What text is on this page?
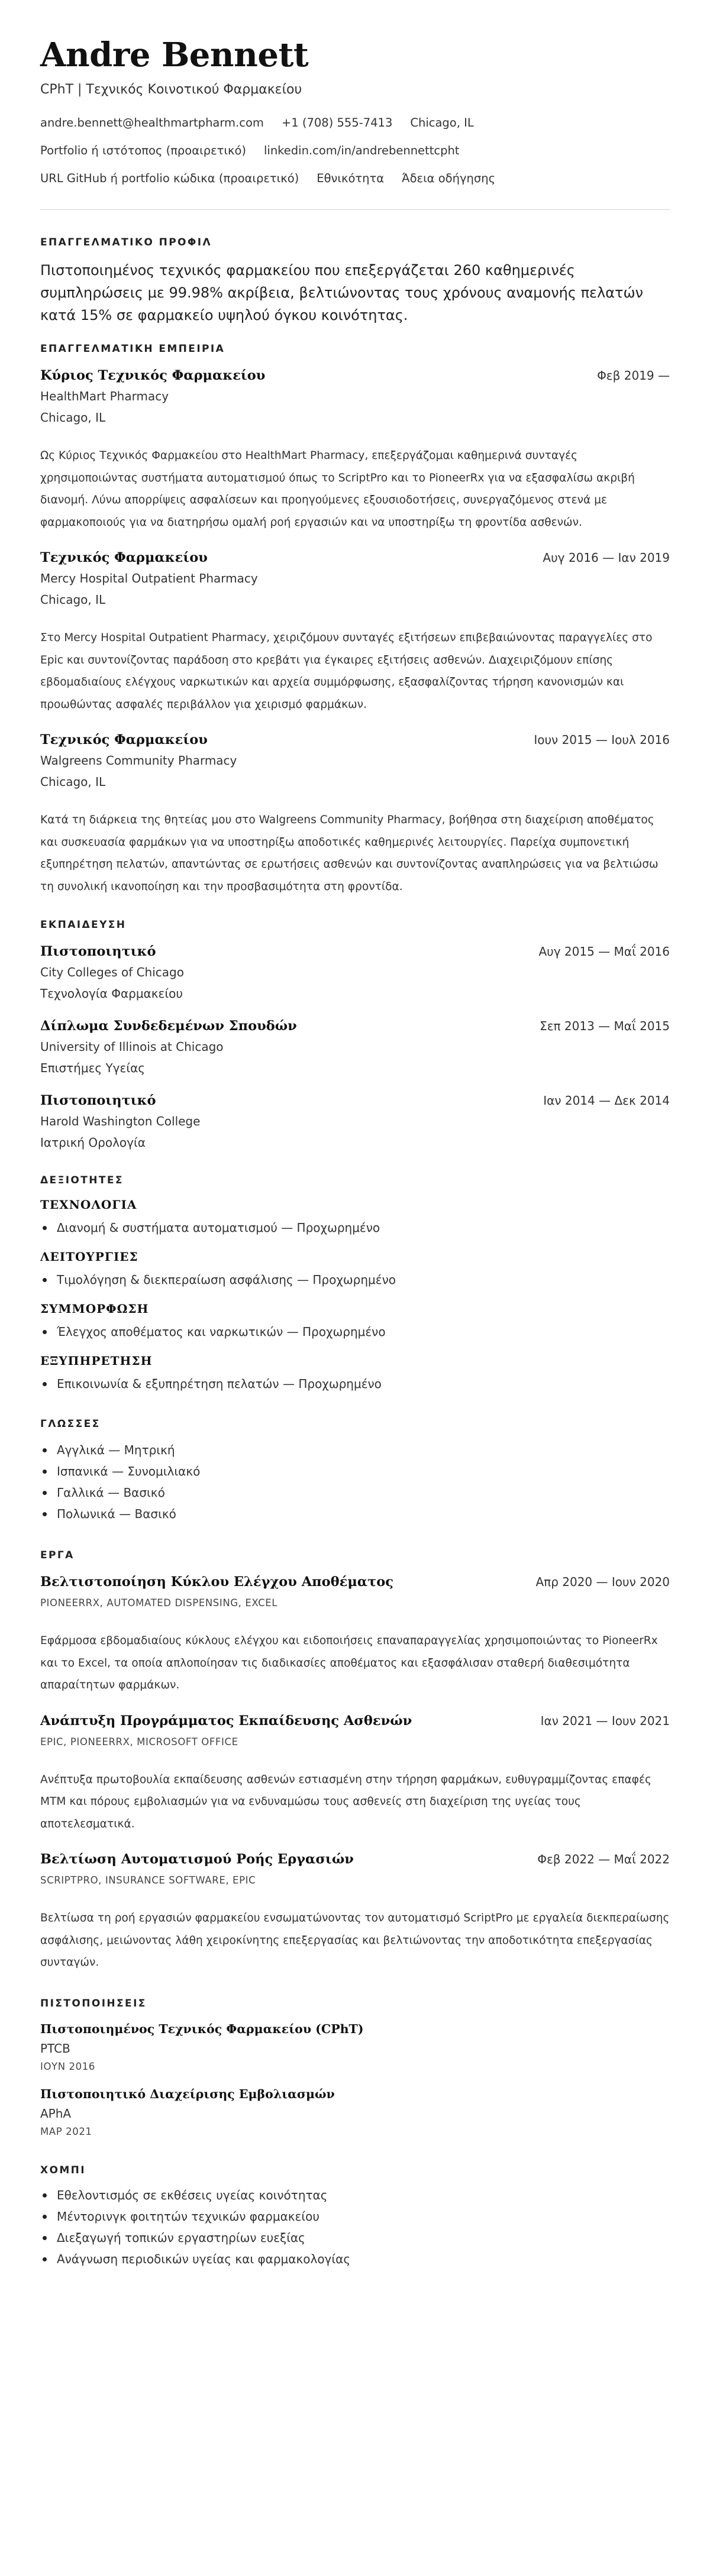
Andre Bennett
CPhT | Τεχνικός Κοινοτικού Φαρμακείου
andre.bennett@healthmartpharm.com +1 (708) 555-7413 Chicago, IL
Portfolio ή ιστότοπος (προαιρετικό) linkedin.com/in/andrebennettcpht
URL GitHub ή portfolio κώδικα (προαιρετικό) Εθνικότητα Άδεια οδήγησης
ΕΠΑΓΓΕΛΜΑΤΙΚΟ ΠΡΟΦΙΛ

Πιστοποιημένος τεχνικός φαρμακείου που επεξεργάζεται 260 καθημερινές συμπληρώσεις με 99.98% ακρίβεια, βελτιώνοντας τους χρόνους αναμονής πελατών κατά 15% σε φαρμακείο υψηλού όγκου κοινότητας.

ΕΠΑΓΓΕΛΜΑΤΙΚΗ ΕΜΠΕΙΡΙΑ
Κύριος Τεχνικός Φαρμακείου	Φεβ 2019 —
HealthMart Pharmacy
Chicago, IL

Ως Κύριος Τεχνικός Φαρμακείου στο HealthMart Pharmacy, επεξεργάζομαι καθημερινά συνταγές χρησιμοποιώντας συστήματα αυτοματισμού όπως το ScriptPro και το PioneerRx για να εξασφαλίσω ακριβή διανομή. Λύνω απορρίψεις ασφαλίσεων και προηγούμενες εξουσιοδοτήσεις, συνεργαζόμενος στενά με φαρμακοποιούς για να διατηρήσω ομαλή ροή εργασιών και να υποστηρίξω τη φροντίδα ασθενών.

Τεχνικός Φαρμακείου	Αυγ 2016 — Ιαν 2019
Mercy Hospital Outpatient Pharmacy
Chicago, IL

Στο Mercy Hospital Outpatient Pharmacy, χειριζόμουν συνταγές εξιτήσεων επιβεβαιώνοντας παραγγελίες στο Epic και συντονίζοντας παράδοση στο κρεβάτι για έγκαιρες εξιτήσεις ασθενών. Διαχειριζόμουν επίσης εβδομαδιαίους ελέγχους ναρκωτικών και αρχεία συμμόρφωσης, εξασφαλίζοντας τήρηση κανονισμών και προωθώντας ασφαλές περιβάλλον για χειρισμό φαρμάκων.

Τεχνικός Φαρμακείου	Ιουν 2015 — Ιουλ 2016
Walgreens Community Pharmacy
Chicago, IL

Κατά τη διάρκεια της θητείας μου στο Walgreens Community Pharmacy, βοήθησα στη διαχείριση αποθέματος και συσκευασία φαρμάκων για να υποστηρίξω αποδοτικές καθημερινές λειτουργίες. Παρείχα συμπονετική εξυπηρέτηση πελατών, απαντώντας σε ερωτήσεις ασθενών και συντονίζοντας αναπληρώσεις για να βελτιώσω τη συνολική ικανοποίηση και την προσβασιμότητα στη φροντίδα.

ΕΚΠΑΙΔΕΥΣΗ
Πιστοποιητικό	Αυγ 2015 — Μαΐ 2016
City Colleges of Chicago
Τεχνολογία Φαρμακείου
Δίπλωμα Συνδεδεμένων Σπουδών	Σεπ 2013 — Μαΐ 2015
University of Illinois at Chicago
Επιστήμες Υγείας
Πιστοποιητικό	Ιαν 2014 — Δεκ 2014
Harold Washington College
Ιατρική Ορολογία
ΔΕΞΙΟΤΗΤΕΣ
ΤΕΧΝΟΛΟΓΙΑ
Διανομή & συστήματα αυτοματισμού — Προχωρημένο
ΛΕΙΤΟΥΡΓΙΕΣ
Τιμολόγηση & διεκπεραίωση ασφάλισης — Προχωρημένο
ΣΥΜΜΟΡΦΩΣΗ
Έλεγχος αποθέματος και ναρκωτικών — Προχωρημένο
ΕΞΥΠΗΡΕΤΗΣΗ
Επικοινωνία & εξυπηρέτηση πελατών — Προχωρημένο
ΓΛΩΣΣΕΣ
Αγγλικά — Μητρική
Ισπανικά — Συνομιλιακό
Γαλλικά — Βασικό
Πολωνικά — Βασικό
ΕΡΓΑ
Βελτιστοποίηση Κύκλου Ελέγχου Αποθέματος	Απρ 2020 — Ιουν 2020
PIONEERRX, AUTOMATED DISPENSING, EXCEL

Εφάρμοσα εβδομαδιαίους κύκλους ελέγχου και ειδοποιήσεις επαναπαραγγελίας χρησιμοποιώντας το PioneerRx και το Excel, τα οποία απλοποίησαν τις διαδικασίες αποθέματος και εξασφάλισαν σταθερή διαθεσιμότητα απαραίτητων φαρμάκων.

Ανάπτυξη Προγράμματος Εκπαίδευσης Ασθενών	Ιαν 2021 — Ιουν 2021
EPIC, PIONEERRX, MICROSOFT OFFICE

Ανέπτυξα πρωτοβουλία εκπαίδευσης ασθενών εστιασμένη στην τήρηση φαρμάκων, ευθυγραμμίζοντας επαφές MTM και πόρους εμβολιασμών για να ενδυναμώσω τους ασθενείς στη διαχείριση της υγείας τους αποτελεσματικά.

Βελτίωση Αυτοματισμού Ροής Εργασιών	Φεβ 2022 — Μαΐ 2022
SCRIPTPRO, INSURANCE SOFTWARE, EPIC

Βελτίωσα τη ροή εργασιών φαρμακείου ενσωματώνοντας τον αυτοματισμό ScriptPro με εργαλεία διεκπεραίωσης ασφάλισης, μειώνοντας λάθη χειροκίνητης επεξεργασίας και βελτιώνοντας την αποδοτικότητα επεξεργασίας συνταγών.

ΠΙΣΤΟΠΟΙΗΣΕΙΣ
Πιστοποιημένος Τεχνικός Φαρμακείου (CPhT)
PTCB
ΙΟΥΝ 2016
Πιστοποιητικό Διαχείρισης Εμβολιασμών
APhA
ΜΑΡ 2021
ΧΟΜΠΙ
Εθελοντισμός σε εκθέσεις υγείας κοινότητας
Μέντορινγκ φοιτητών τεχνικών φαρμακείου
Διεξαγωγή τοπικών εργαστηρίων ευεξίας
Ανάγνωση περιοδικών υγείας και φαρμακολογίας
